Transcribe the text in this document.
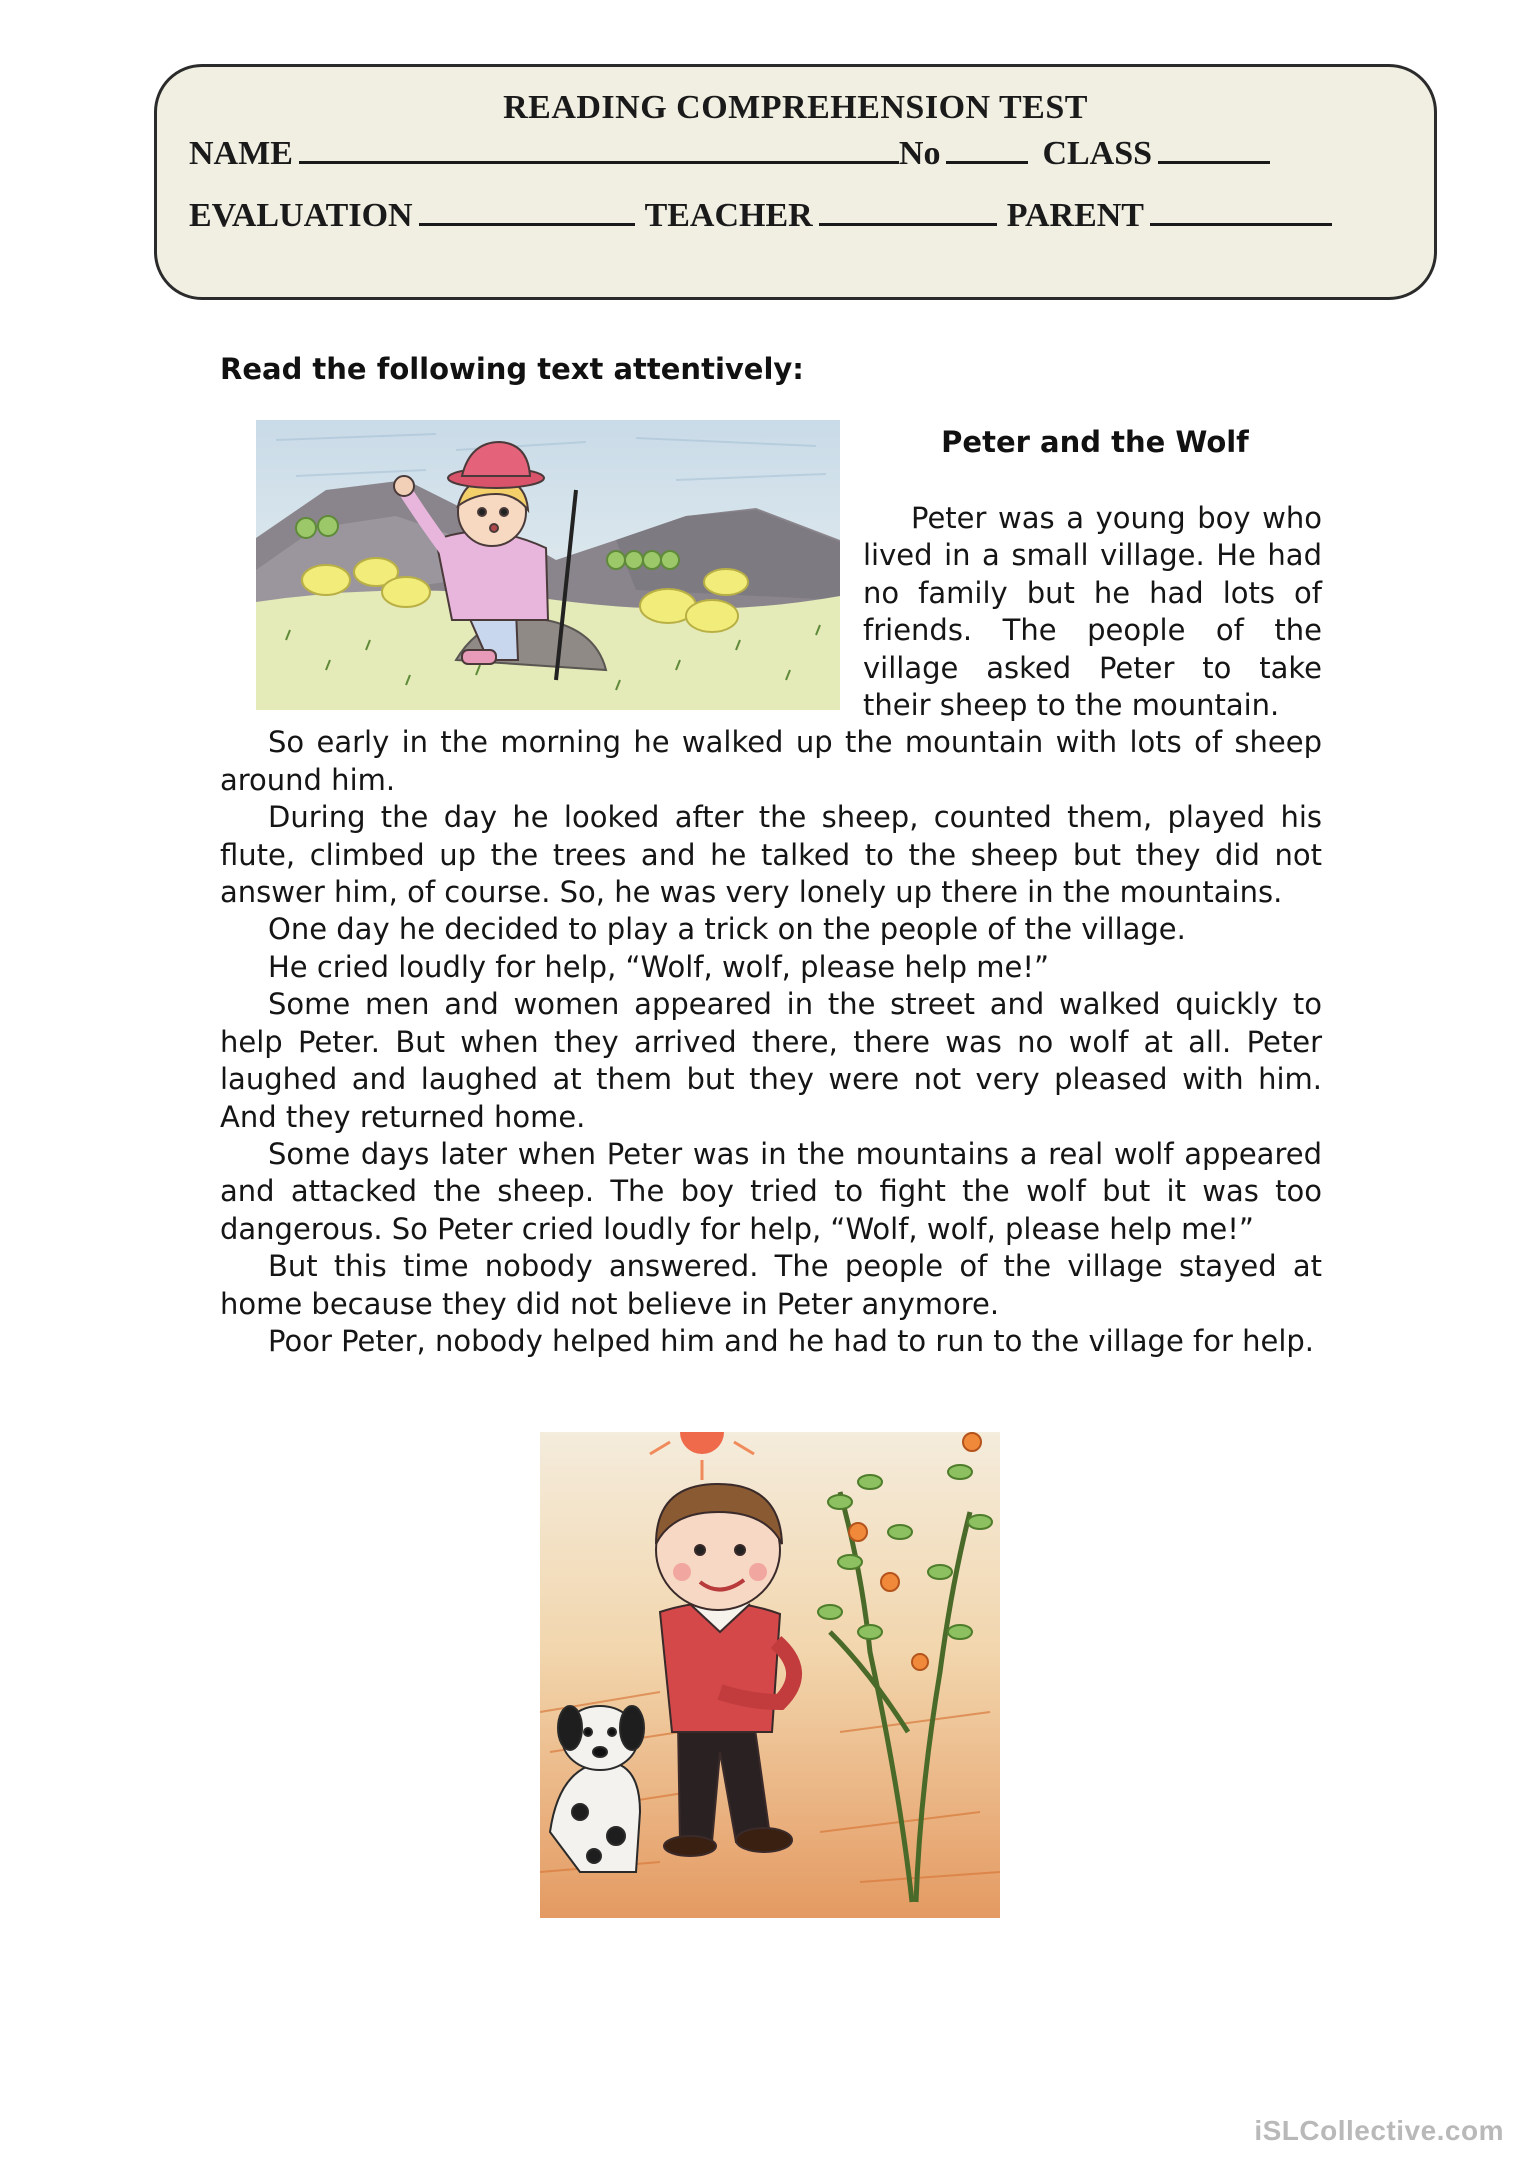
READING COMPREHENSION TEST
NAME	No	CLASS
EVALUATION	TEACHER	PARENT
Read the following text attentively:
Peter and the Wolf

Peter was a young boy who lived in a small village. He had no family but he had lots of friends. The people of the village asked Peter to take their sheep to the mountain.

So early in the morning he walked up the mountain with lots of sheep around him.

During the day he looked after the sheep, counted them, played his flute, climbed up the trees and he talked to the sheep but they did not answer him, of course. So, he was very lonely up there in the mountains.

One day he decided to play a trick on the people of the village.

He cried loudly for help, “Wolf, wolf, please help me!”

Some men and women appeared in the street and walked quickly to help Peter. But when they arrived there, there was no wolf at all. Peter laughed and laughed at them but they were not very pleased with him. And they returned home.

Some days later when Peter was in the mountains a real wolf appeared and attacked the sheep. The boy tried to fight the wolf but it was too dangerous. So Peter cried loudly for help, “Wolf, wolf, please help me!”

But this time nobody answered. The people of the village stayed at home because they did not believe in Peter anymore.

Poor Peter, nobody helped him and he had to run to the village for help.

iSLCollective.com
